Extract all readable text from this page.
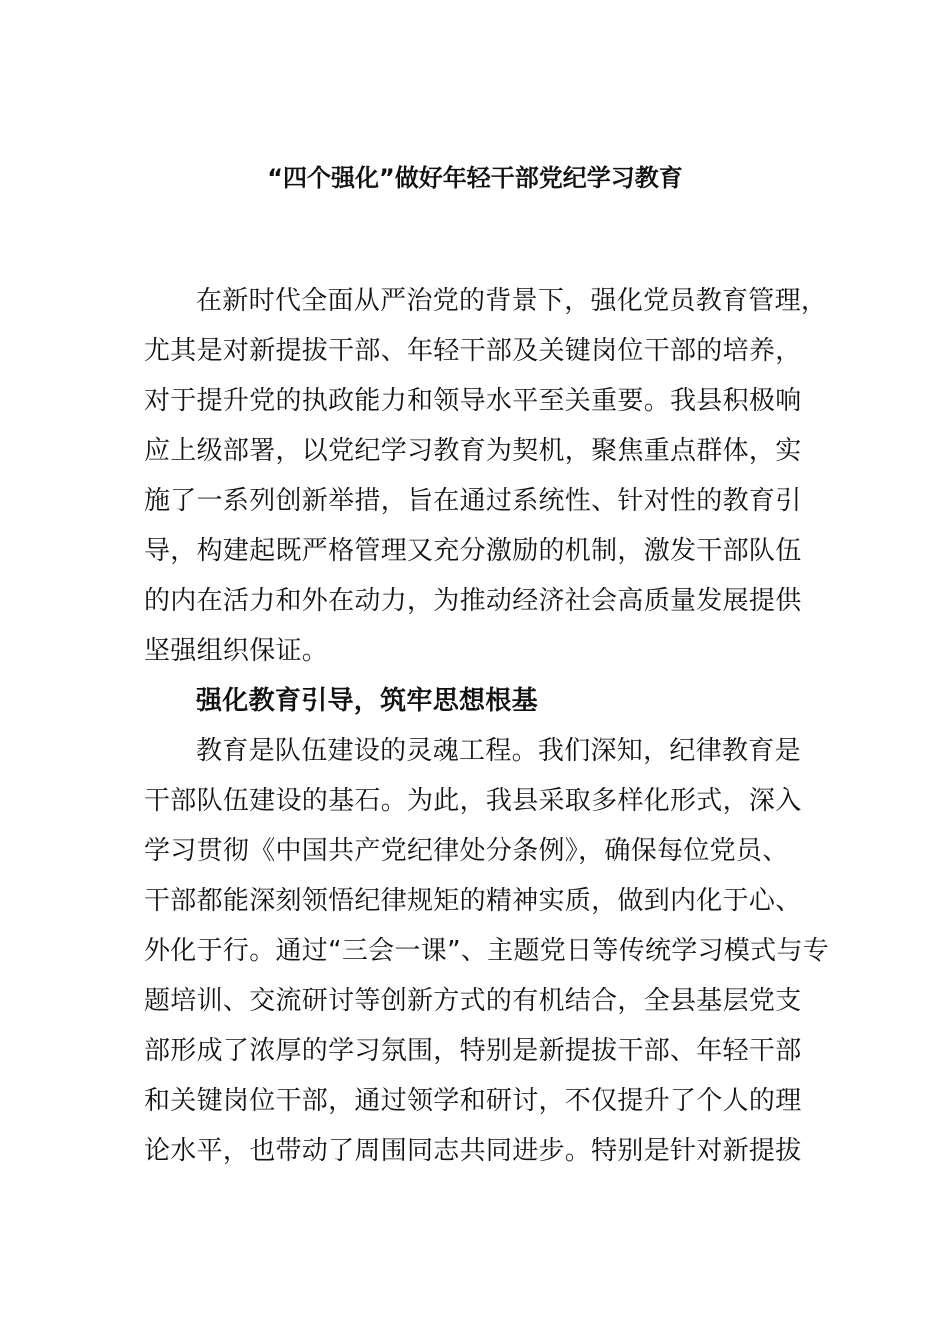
“四个强化”做好年轻干部党纪学习教育
在新时代全面从严治党的背景下，强化党员教育管理，
尤其是对新提拔干部、年轻干部及关键岗位干部的培养，
对于提升党的执政能力和领导水平至关重要。我县积极响
应上级部署，以党纪学习教育为契机，聚焦重点群体，实
施了一系列创新举措，旨在通过系统性、针对性的教育引
导，构建起既严格管理又充分激励的机制，激发干部队伍
的内在活力和外在动力，为推动经济社会高质量发展提供
坚强组织保证。
强化教育引导，筑牢思想根基
教育是队伍建设的灵魂工程。我们深知，纪律教育是
干部队伍建设的基石。为此，我县采取多样化形式，深入
学习贯彻《中国共产党纪律处分条例》，确保每位党员、
干部都能深刻领悟纪律规矩的精神实质，做到内化于心、
外化于行。通过“三会一课”、主题党日等传统学习模式与专
题培训、交流研讨等创新方式的有机结合，全县基层党支
部形成了浓厚的学习氛围，特别是新提拔干部、年轻干部
和关键岗位干部，通过领学和研讨，不仅提升了个人的理
论水平，也带动了周围同志共同进步。特别是针对新提拔
